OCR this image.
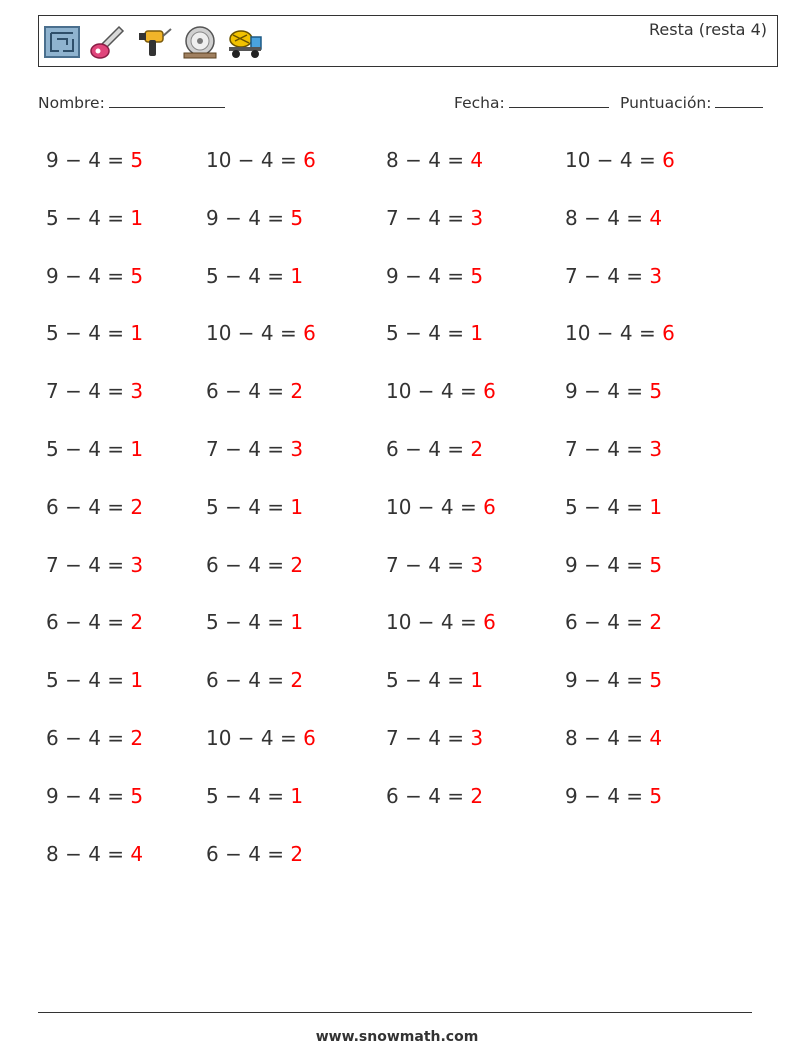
Resta (resta 4)
Nombre:	Fecha:	Puntuación:
9 − 4 = 5	10 − 4 = 6	8 − 4 = 4	10 − 4 = 6
5 − 4 = 1	9 − 4 = 5	7 − 4 = 3	8 − 4 = 4
9 − 4 = 5	5 − 4 = 1	9 − 4 = 5	7 − 4 = 3
5 − 4 = 1	10 − 4 = 6	5 − 4 = 1	10 − 4 = 6
7 − 4 = 3	6 − 4 = 2	10 − 4 = 6	9 − 4 = 5
5 − 4 = 1	7 − 4 = 3	6 − 4 = 2	7 − 4 = 3
6 − 4 = 2	5 − 4 = 1	10 − 4 = 6	5 − 4 = 1
7 − 4 = 3	6 − 4 = 2	7 − 4 = 3	9 − 4 = 5
6 − 4 = 2	5 − 4 = 1	10 − 4 = 6	6 − 4 = 2
5 − 4 = 1	6 − 4 = 2	5 − 4 = 1	9 − 4 = 5
6 − 4 = 2	10 − 4 = 6	7 − 4 = 3	8 − 4 = 4
9 − 4 = 5	5 − 4 = 1	6 − 4 = 2	9 − 4 = 5
8 − 4 = 4	6 − 4 = 2
www.snowmath.com
